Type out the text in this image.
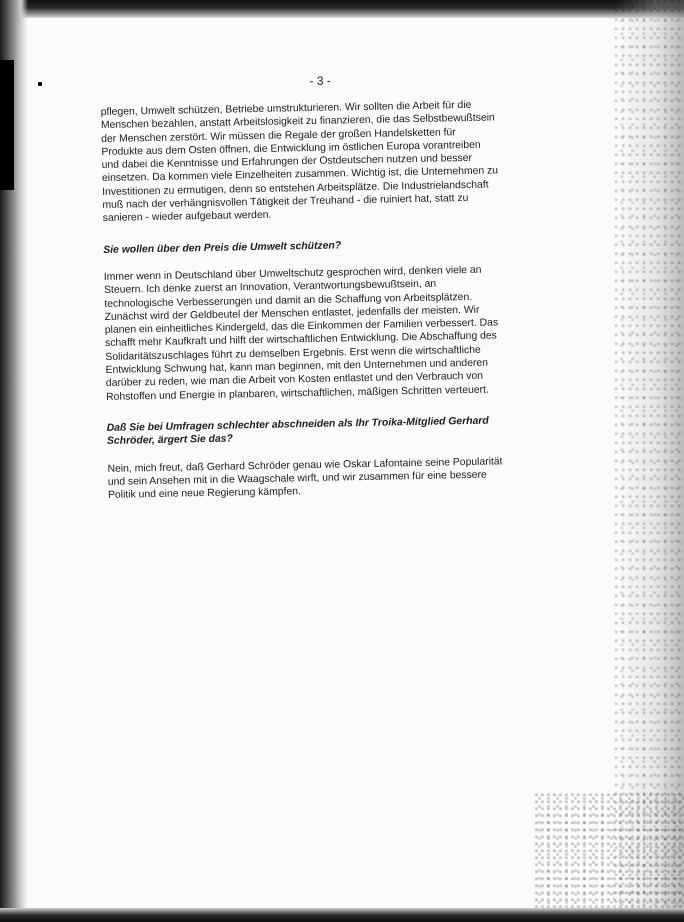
- 3 -

pflegen, Umwelt schützen, Betriebe umstrukturieren. Wir sollten die Arbeit für die
Menschen bezahlen, anstatt Arbeitslosigkeit zu finanzieren, die das Selbstbewußtsein
der Menschen zerstört. Wir müssen die Regale der großen Handelsketten für
Produkte aus dem Osten öffnen, die Entwicklung im östlichen Europa vorantreiben
und dabei die Kenntnisse und Erfahrungen der Ostdeutschen nutzen und besser
einsetzen. Da kommen viele Einzelheiten zusammen. Wichtig ist, die Unternehmen zu
Investitionen zu ermutigen, denn so entstehen Arbeitsplätze. Die Industrielandschaft
muß nach der verhängnisvollen Tätigkeit der Treuhand - die ruiniert hat, statt zu
sanieren - wieder aufgebaut werden.

Sie wollen über den Preis die Umwelt schützen?

Immer wenn in Deutschland über Umweltschutz gesprochen wird, denken viele an
Steuern. Ich denke zuerst an Innovation, Verantwortungsbewußtsein, an
technologische Verbesserungen und damit an die Schaffung von Arbeitsplätzen.
Zunächst wird der Geldbeutel der Menschen entlastet, jedenfalls der meisten. Wir
planen ein einheitliches Kindergeld, das die Einkommen der Familien verbessert. Das
schafft mehr Kaufkraft und hilft der wirtschaftlichen Entwicklung. Die Abschaffung des
Solidaritätszuschlages führt zu demselben Ergebnis. Erst wenn die wirtschaftliche
Entwicklung Schwung hat, kann man beginnen, mit den Unternehmen und anderen
darüber zu reden, wie man die Arbeit von Kosten entlastet und den Verbrauch von
Rohstoffen und Energie in planbaren, wirtschaftlichen, mäßigen Schritten verteuert.

Daß Sie bei Umfragen schlechter abschneiden als Ihr Troika-Mitglied Gerhard
Schröder, ärgert Sie das?

Nein, mich freut, daß Gerhard Schröder genau wie Oskar Lafontaine seine Popularität
und sein Ansehen mit in die Waagschale wirft, und wir zusammen für eine bessere
Politik und eine neue Regierung kämpfen.
